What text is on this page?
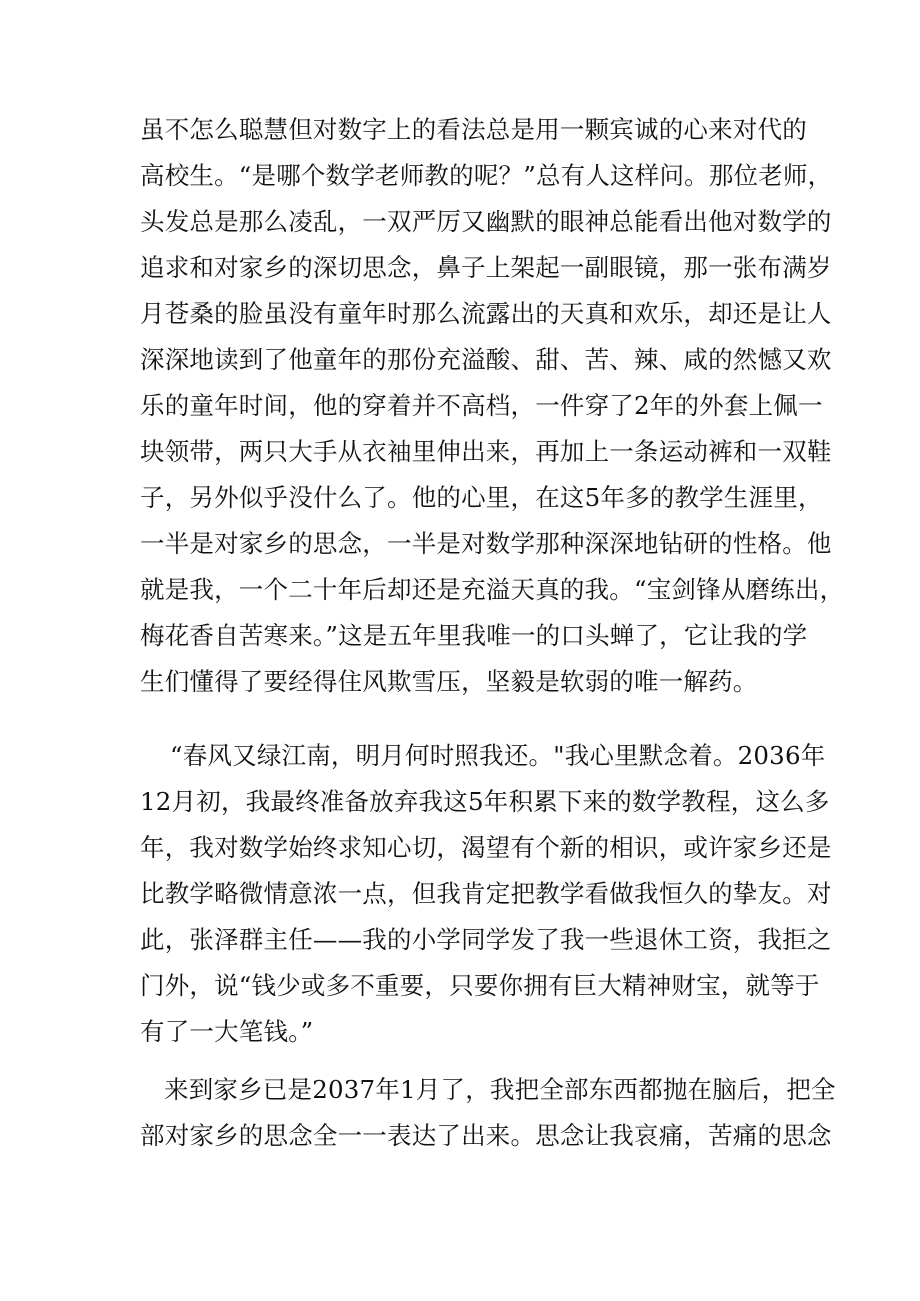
虽不怎么聪慧但对数字上的看法总是用一颗宾诚的心来对代的
高校生。“是哪个数学老师教的呢？”总有人这样问。那位老师，
头发总是那么凌乱，一双严厉又幽默的眼神总能看出他对数学的
追求和对家乡的深切思念，鼻子上架起一副眼镜，那一张布满岁
月苍桑的脸虽没有童年时那么流露出的天真和欢乐，却还是让人
深深地读到了他童年的那份充溢酸、甜、苦、辣、咸的然憾又欢
乐的童年时间，他的穿着并不高档，一件穿了2年的外套上佩一
块领带，两只大手从衣袖里伸出来，再加上一条运动裤和一双鞋
子，另外似乎没什么了。他的心里，在这5年多的教学生涯里，
一半是对家乡的思念，一半是对数学那种深深地钻研的性格。他
就是我，一个二十年后却还是充溢天真的我。“宝剑锋从磨练出，
梅花香自苦寒来。”这是五年里我唯一的口头蝉了，它让我的学
生们懂得了要经得住风欺雪压，坚毅是软弱的唯一解药。
“春风又绿江南，明月何时照我还。"我心里默念着。2036年
12月初，我最终准备放弃我这5年积累下来的数学教程，这么多
年，我对数学始终求知心切，渴望有个新的相识，或许家乡还是
比教学略微情意浓一点，但我肯定把教学看做我恒久的挚友。对
此，张泽群主任——我的小学同学发了我一些退休工资，我拒之
门外，说“钱少或多不重要，只要你拥有巨大精神财宝，就等于
有了一大笔钱。”
来到家乡已是2037年1月了，我把全部东西都抛在脑后，把全
部对家乡的思念全一一表达了出来。思念让我哀痛，苦痛的思念
